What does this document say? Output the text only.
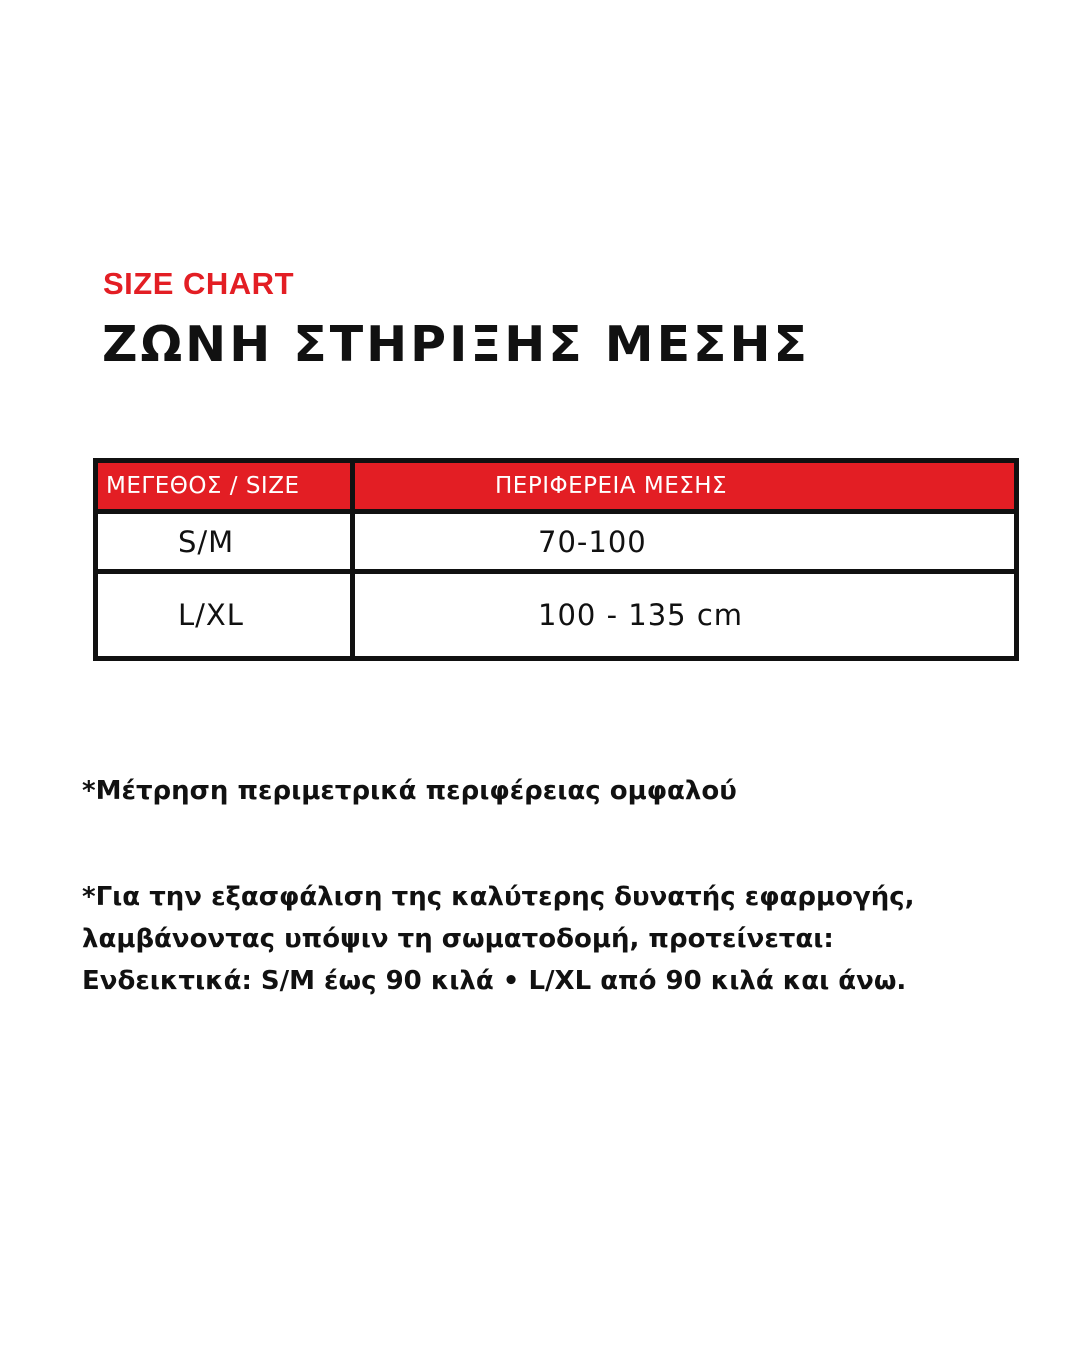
SIZE CHART
ΖΩΝΗ ΣΤΗΡΙΞΗΣ ΜΕΣΗΣ
ΜΕΓΕΘΟΣ / SIZE	ΠΕΡΙΦΕΡΕΙΑ ΜΕΣΗΣ
S/M	70-100
L/XL	100 - 135 cm

*Μέτρηση περιμετρικά περιφέρειας ομφαλού

*Για την εξασφάλιση της καλύτερης δυνατής εφαρμογής,
λαμβάνοντας υπόψιν τη σωματοδομή, προτείνεται:
Ενδεικτικά: S/M έως 90 κιλά • L/XL από 90 κιλά και άνω.
